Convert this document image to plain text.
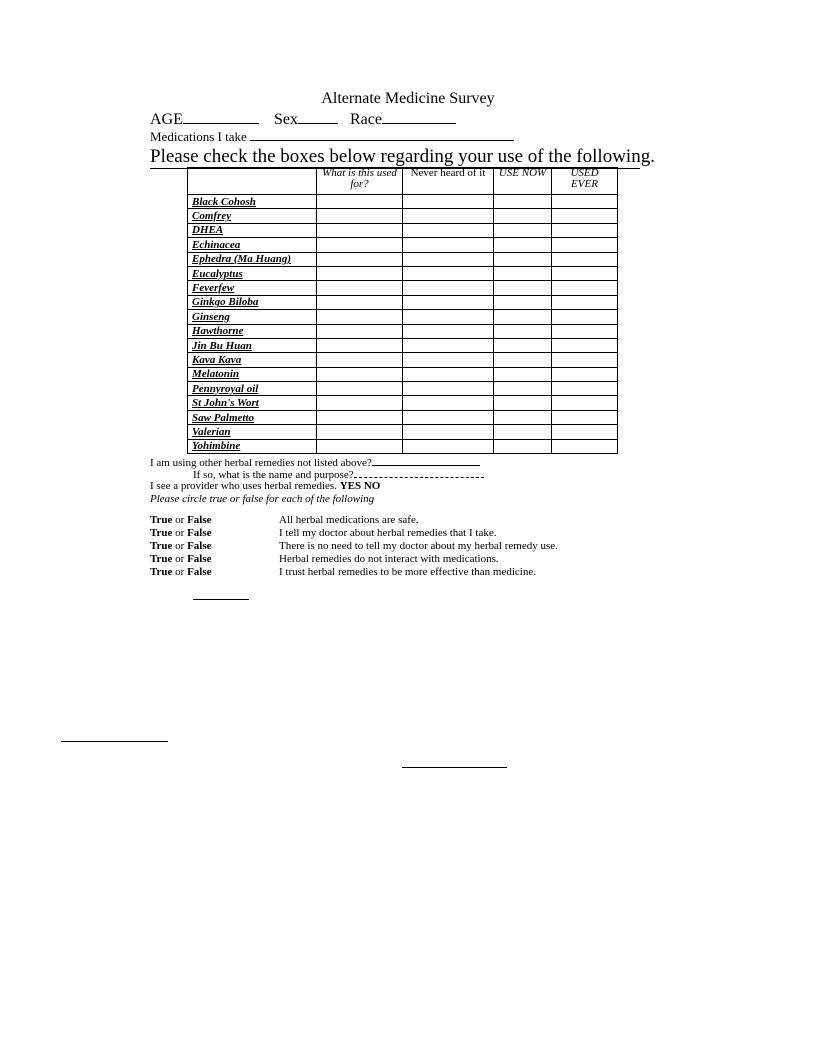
Alternate Medicine Survey
AGE	Sex	Race
Medications I take
Please check the boxes below regarding your use of the following.
	What is this used for?	Never heard of it	USE NOW	USED EVER
Black Cohosh				
Comfrey				
DHEA				
Echinacea				
Ephedra (Ma Huang)				
Eucalyptus				
Feverfew				
Ginkgo Biloba				
Ginseng				
Hawthorne				
Jin Bu Huan				
Kava Kava				
Melatonin				
Pennyroyal oil				
St John's Wort				
Saw Palmetto				
Valerian				
Yohimbine				
I am using other herbal remedies not listed above?
If so, what is the name and purpose?
I see a provider who uses herbal remedies. YES NO
Please circle true or false for each of the following
True or False	All herbal medications are safe.
True or False	I tell my doctor about herbal remedies that I take.
True or False	There is no need to tell my doctor about my herbal remedy use.
True or False	Herbal remedies do not interact with medications.
True or False	I trust herbal remedies to be more effective than medicine.
